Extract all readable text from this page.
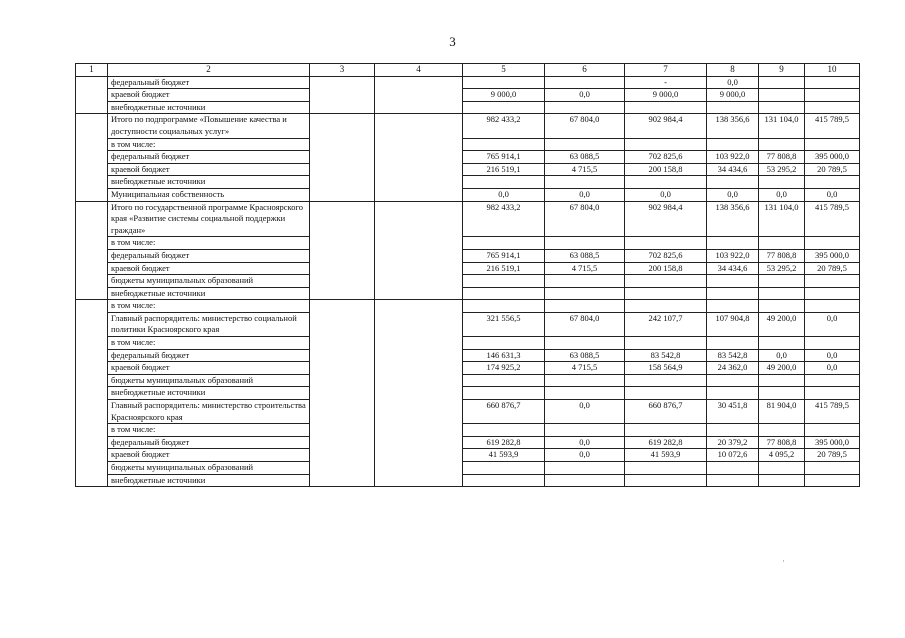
3
1	2	3	4	5	6	7	8	9	10
	федеральный бюджет					-	0,0		
	краевой бюджет			9 000,0	0,0	9 000,0	9 000,0		
	внебюджетные источники								
	Итого по подпрограмме «Повышение качества и доступности социальных услуг»			982 433,2	67 804,0	902 984,4	138 356,6	131 104,0	415 789,5
	в том числе:								
	федеральный бюджет			765 914,1	63 088,5	702 825,6	103 922,0	77 808,8	395 000,0
	краевой бюджет			216 519,1	4 715,5	200 158,8	34 434,6	53 295,2	20 789,5
	внебюджетные источники								
	Муниципальная собственность			0,0	0,0	0,0	0,0	0,0	0,0
	Итого по государственной программе Красноярского края «Развитие системы социальной поддержки граждан»			982 433,2	67 804,0	902 984,4	138 356,6	131 104,0	415 789,5
	в том числе:								
	федеральный бюджет			765 914,1	63 088,5	702 825,6	103 922,0	77 808,8	395 000,0
	краевой бюджет			216 519,1	4 715,5	200 158,8	34 434,6	53 295,2	20 789,5
	бюджеты муниципальных образований								
	внебюджетные источники								
	в том числе:								
	Главный распорядитель: министерство социальной политики Красноярского края			321 556,5	67 804,0	242 107,7	107 904,8	49 200,0	0,0
	в том числе:								
	федеральный бюджет			146 631,3	63 088,5	83 542,8	83 542,8	0,0	0,0
	краевой бюджет			174 925,2	4 715,5	158 564,9	24 362,0	49 200,0	0,0
	бюджеты муниципальных образований								
	внебюджетные источники								
	Главный распорядитель: министерство строительства Красноярского края			660 876,7	0,0	660 876,7	30 451,8	81 904,0	415 789,5
	в том числе:								
	федеральный бюджет			619 282,8	0,0	619 282,8	20 379,2	77 808,8	395 000,0
	краевой бюджет			41 593,9	0,0	41 593,9	10 072,6	4 095,2	20 789,5
	бюджеты муниципальных образований								
	внебюджетные источники								
·
